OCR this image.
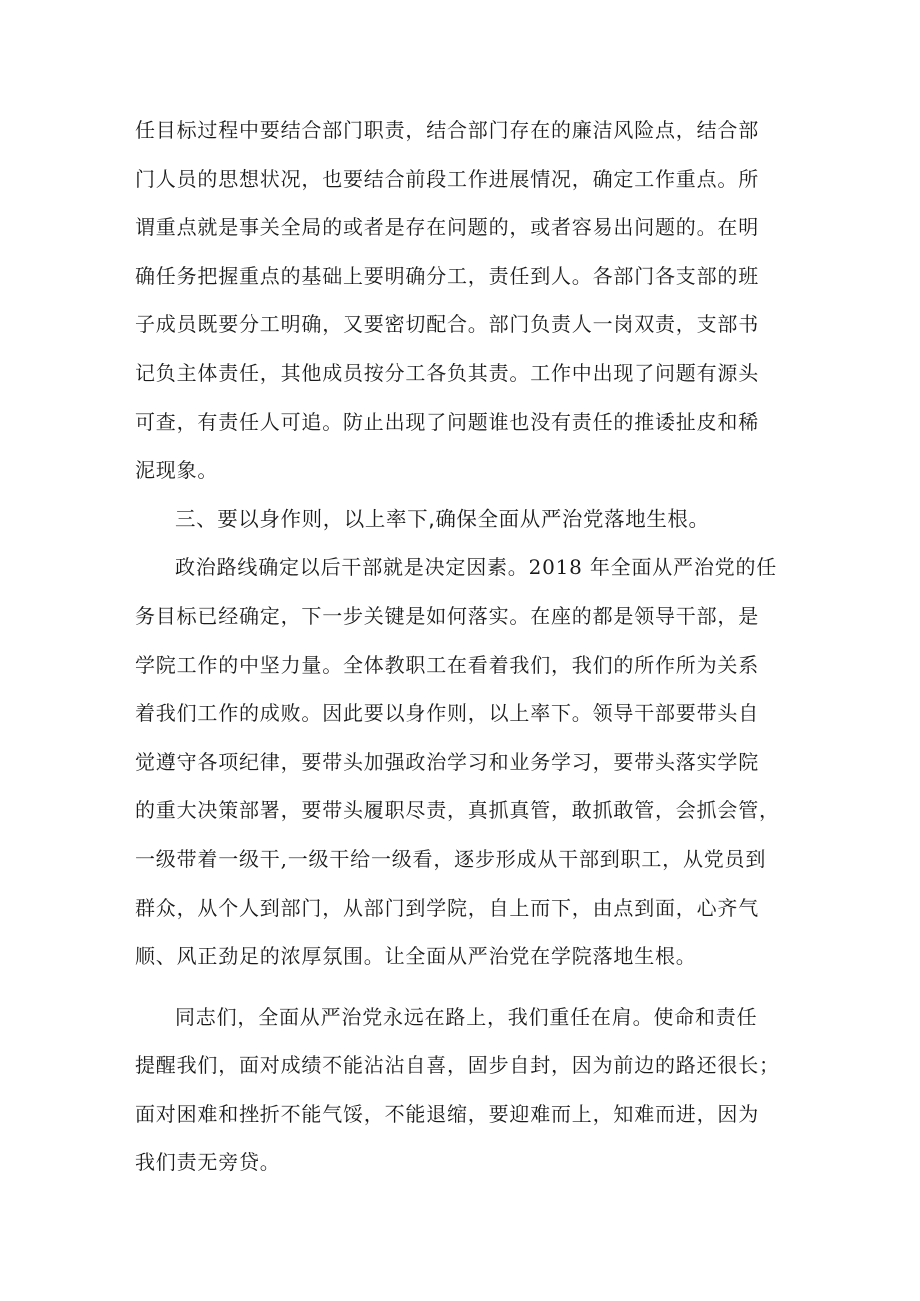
任目标过程中要结合部门职责，结合部门存在的廉洁风险点，结合部
门人员的思想状况，也要结合前段工作进展情况，确定工作重点。所
谓重点就是事关全局的或者是存在问题的，或者容易出问题的。在明
确任务把握重点的基础上要明确分工，责任到人。各部门各支部的班
子成员既要分工明确，又要密切配合。部门负责人一岗双责，支部书
记负主体责任，其他成员按分工各负其责。工作中出现了问题有源头
可查，有责任人可追。防止出现了问题谁也没有责任的推诿扯皮和稀
泥现象。
三、要以身作则，以上率下,确保全面从严治党落地生根。
政治路线确定以后干部就是决定因素。2018 年全面从严治党的任
务目标已经确定，下一步关键是如何落实。在座的都是领导干部，是
学院工作的中坚力量。全体教职工在看着我们，我们的所作所为关系
着我们工作的成败。因此要以身作则，以上率下。领导干部要带头自
觉遵守各项纪律，要带头加强政治学习和业务学习，要带头落实学院
的重大决策部署，要带头履职尽责，真抓真管，敢抓敢管，会抓会管，
一级带着一级干,一级干给一级看，逐步形成从干部到职工，从党员到
群众，从个人到部门，从部门到学院，自上而下，由点到面，心齐气
顺、风正劲足的浓厚氛围。让全面从严治党在学院落地生根。
同志们，全面从严治党永远在路上，我们重任在肩。使命和责任
提醒我们，面对成绩不能沾沾自喜，固步自封，因为前边的路还很长；
面对困难和挫折不能气馁，不能退缩，要迎难而上，知难而进，因为
我们责无旁贷。
